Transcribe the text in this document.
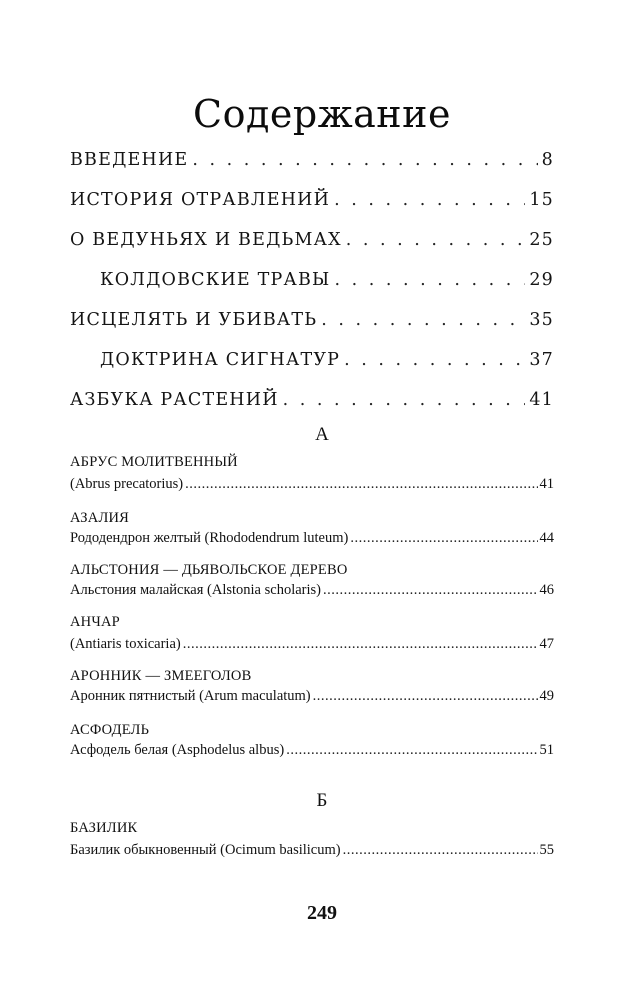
Содержание
ВВЕДЕНИЕ . . .	8
ИСТОРИЯ ОТРАВЛЕНИЙ . . .	15
О ВЕДУНЬЯХ И ВЕДЬМАХ . . .	25
КОЛДОВСКИЕ ТРАВЫ . . .	29
ИСЦЕЛЯТЬ И УБИВАТЬ . . .	35
ДОКТРИНА СИГНАТУР . . .	37
АЗБУКА РАСТЕНИЙ . . .	41
А
АБРУС МОЛИТВЕННЫЙ
(Abrus precatorius) .....	41
АЗАЛИЯ
Рододендрон желтый (Rhododendrum luteum) .....	44
АЛЬСТОНИЯ — ДЬЯВОЛЬСКОЕ ДЕРЕВО
Альстония малайская (Alstonia scholaris) .....	46
АНЧАР
(Antiaris toxicaria) .....	47
АРОННИК — ЗМЕЕГОЛОВ
Аронник пятнистый (Arum maculatum) .....	49
АСФОДЕЛЬ
Асфодель белая (Asphodelus albus) .....	51
Б
БАЗИЛИК
Базилик обыкновенный (Ocimum basilicum) .....	55
249
